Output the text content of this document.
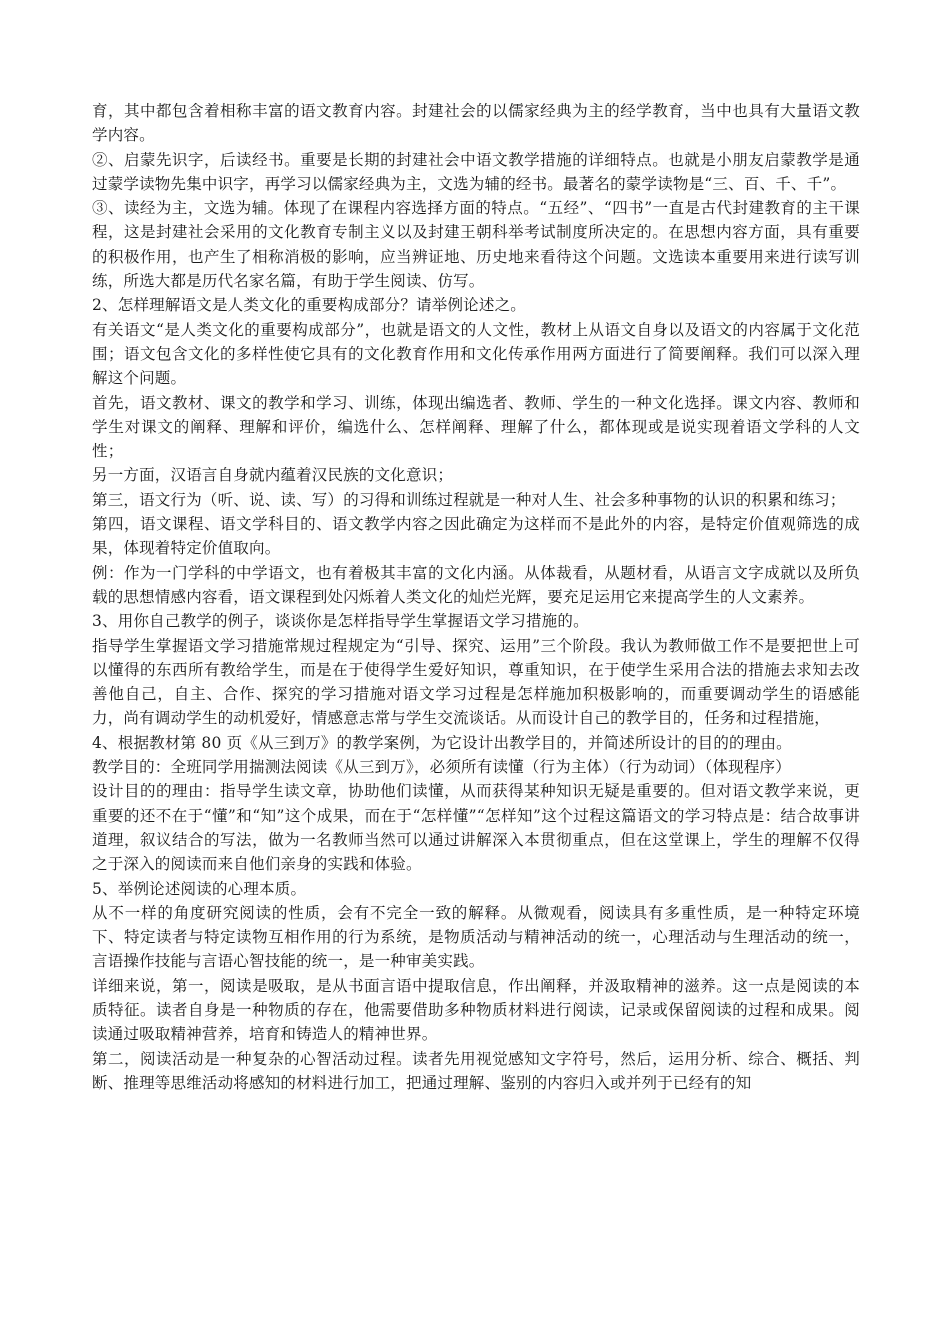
育，其中都包含着相称丰富的语文教育内容。封建社会的以儒家经典为主的经学教育，当中也具有大量语文教学内容。

②、启蒙先识字，后读经书。重要是长期的封建社会中语文教学措施的详细特点。也就是小朋友启蒙教学是通过蒙学读物先集中识字，再学习以儒家经典为主，文选为辅的经书。最著名的蒙学读物是“三、百、千、千”。

③、读经为主，文选为辅。体现了在课程内容选择方面的特点。“五经”、“四书”一直是古代封建教育的主干课程，这是封建社会采用的文化教育专制主义以及封建王朝科举考试制度所决定的。在思想内容方面，具有重要的积极作用，也产生了相称消极的影响，应当辨证地、历史地来看待这个问题。文选读本重要用来进行读写训练，所选大都是历代名家名篇，有助于学生阅读、仿写。

2、怎样理解语文是人类文化的重要构成部分？请举例论述之。

有关语文“是人类文化的重要构成部分”，也就是语文的人文性，教材上从语文自身以及语文的内容属于文化范围；语文包含文化的多样性使它具有的文化教育作用和文化传承作用两方面进行了简要阐释。我们可以深入理解这个问题。

首先，语文教材、课文的教学和学习、训练，体现出编选者、教师、学生的一种文化选择。课文内容、教师和学生对课文的阐释、理解和评价，编选什么、怎样阐释、理解了什么，都体现或是说实现着语文学科的人文性；

另一方面，汉语言自身就内蕴着汉民族的文化意识；

第三，语文行为（听、说、读、写）的习得和训练过程就是一种对人生、社会多种事物的认识的积累和练习；

第四，语文课程、语文学科目的、语文教学内容之因此确定为这样而不是此外的内容，是特定价值观筛选的成果，体现着特定价值取向。

例：作为一门学科的中学语文，也有着极其丰富的文化内涵。从体裁看，从题材看，从语言文字成就以及所负载的思想情感内容看，语文课程到处闪烁着人类文化的灿烂光辉，要充足运用它来提高学生的人文素养。

3、用你自己教学的例子，谈谈你是怎样指导学生掌握语文学习措施的。

指导学生掌握语文学习措施常规过程规定为“引导、探究、运用”三个阶段。我认为教师做工作不是要把世上可以懂得的东西所有教给学生，而是在于使得学生爱好知识，尊重知识，在于使学生采用合法的措施去求知去改善他自己，自主、合作、探究的学习措施对语文学习过程是怎样施加积极影响的，而重要调动学生的语感能力，尚有调动学生的动机爱好，情感意志常与学生交流谈话。从而设计自己的教学目的，任务和过程措施，

4、根据教材第 80 页《从三到万》的教学案例，为它设计出教学目的，并简述所设计的目的的理由。

教学目的：全班同学用揣测法阅读《从三到万》，必须所有读懂（行为主体）（行为动词）（体现程序）

设计目的的理由：指导学生读文章，协助他们读懂，从而获得某种知识无疑是重要的。但对语文教学来说，更重要的还不在于“懂”和“知”这个成果，而在于“怎样懂”“怎样知”这个过程这篇语文的学习特点是：结合故事讲道理，叙议结合的写法，做为一名教师当然可以通过讲解深入本贯彻重点，但在这堂课上，学生的理解不仅得之于深入的阅读而来自他们亲身的实践和体验。

5、举例论述阅读的心理本质。

从不一样的角度研究阅读的性质，会有不完全一致的解释。从微观看，阅读具有多重性质，是一种特定环境下、特定读者与特定读物互相作用的行为系统，是物质活动与精神活动的统一，心理活动与生理活动的统一，言语操作技能与言语心智技能的统一，是一种审美实践。

详细来说，第一，阅读是吸取，是从书面言语中提取信息，作出阐释，并汲取精神的滋养。这一点是阅读的本质特征。读者自身是一种物质的存在，他需要借助多种物质材料进行阅读，记录或保留阅读的过程和成果。阅读通过吸取精神营养，培育和铸造人的精神世界。

第二，阅读活动是一种复杂的心智活动过程。读者先用视觉感知文字符号，然后，运用分析、综合、概括、判断、推理等思维活动将感知的材料进行加工，把通过理解、鉴别的内容归入或并列于已经有的知
